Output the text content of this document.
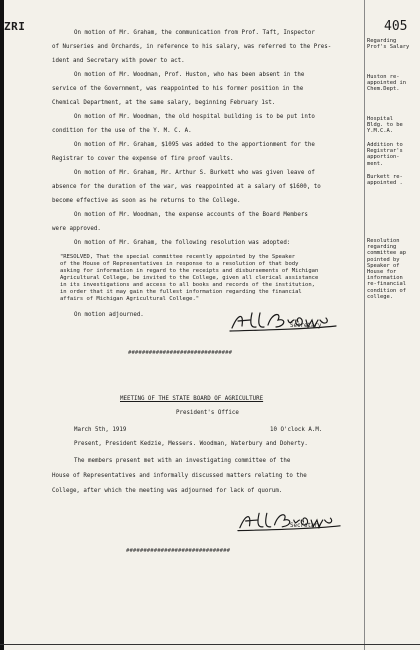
ZRI	405
On motion of Mr. Graham, the communication from Prof. Taft, Inspector
of Nurseries and Orchards, in reference to his salary, was referred to the Pres-
ident and Secretary with power to act.
On motion of Mr. Woodman, Prof. Huston, who has been absent in the
service of the Government, was reappointed to his former position in the
Chemical Department, at the same salary, beginning February 1st.
On motion of Mr. Woodman, the old hospital building is to be put into
condition for the use of the Y. M. C. A.
On motion of Mr. Graham, $1095 was added to the apportionment for the
Registrar to cover the expense of fire proof vaults.
On motion of Mr. Graham, Mr. Arthur S. Burkett who was given leave of
absence for the duration of the war, was reappointed at a salary of $1600, to
become effective as soon as he returns to the College.
On motion of Mr. Woodman, the expense accounts of the Board Members
were approved.
On motion of Mr. Graham, the following resolution was adopted:
"RESOLVED, That the special committee recently appointed by the Speaker
of the House of Representatives in response to a resolution of that body
asking for information in regard to the receipts and disbursements of Michigan
Agricultural College, be invited to the College, given all clerical assistance
in its investigations and access to all books and records of the institution,
in order that it may gain the fullest information regarding the financial
affairs of Michigan Agricultural College."
On motion adjourned.
Secretary
Regarding
Prof's Salary
Huston re-
appointed in
Chem.Dept.
Hospital
Bldg. to be
Y.M.C.A.
Addition to
Registrar's
apportion-
ment.
Burkett re-
appointed .
Resolution
regarding
committee ap
pointed by
Speaker of
House for
information
re-financial
condition of
college.
##############################
MEETING OF THE STATE BOARD OF AGRICULTURE
President's Office
March 5th, 1919	10 O'clock A.M.
Present, President Kedzie, Messers. Woodman, Waterbury and Doherty.
The members present met with an investigating committee of the
House of Representatives and informally discussed matters relating to the
College, after which the meeting was adjourned for lack of quorum.
Secretary
##############################
